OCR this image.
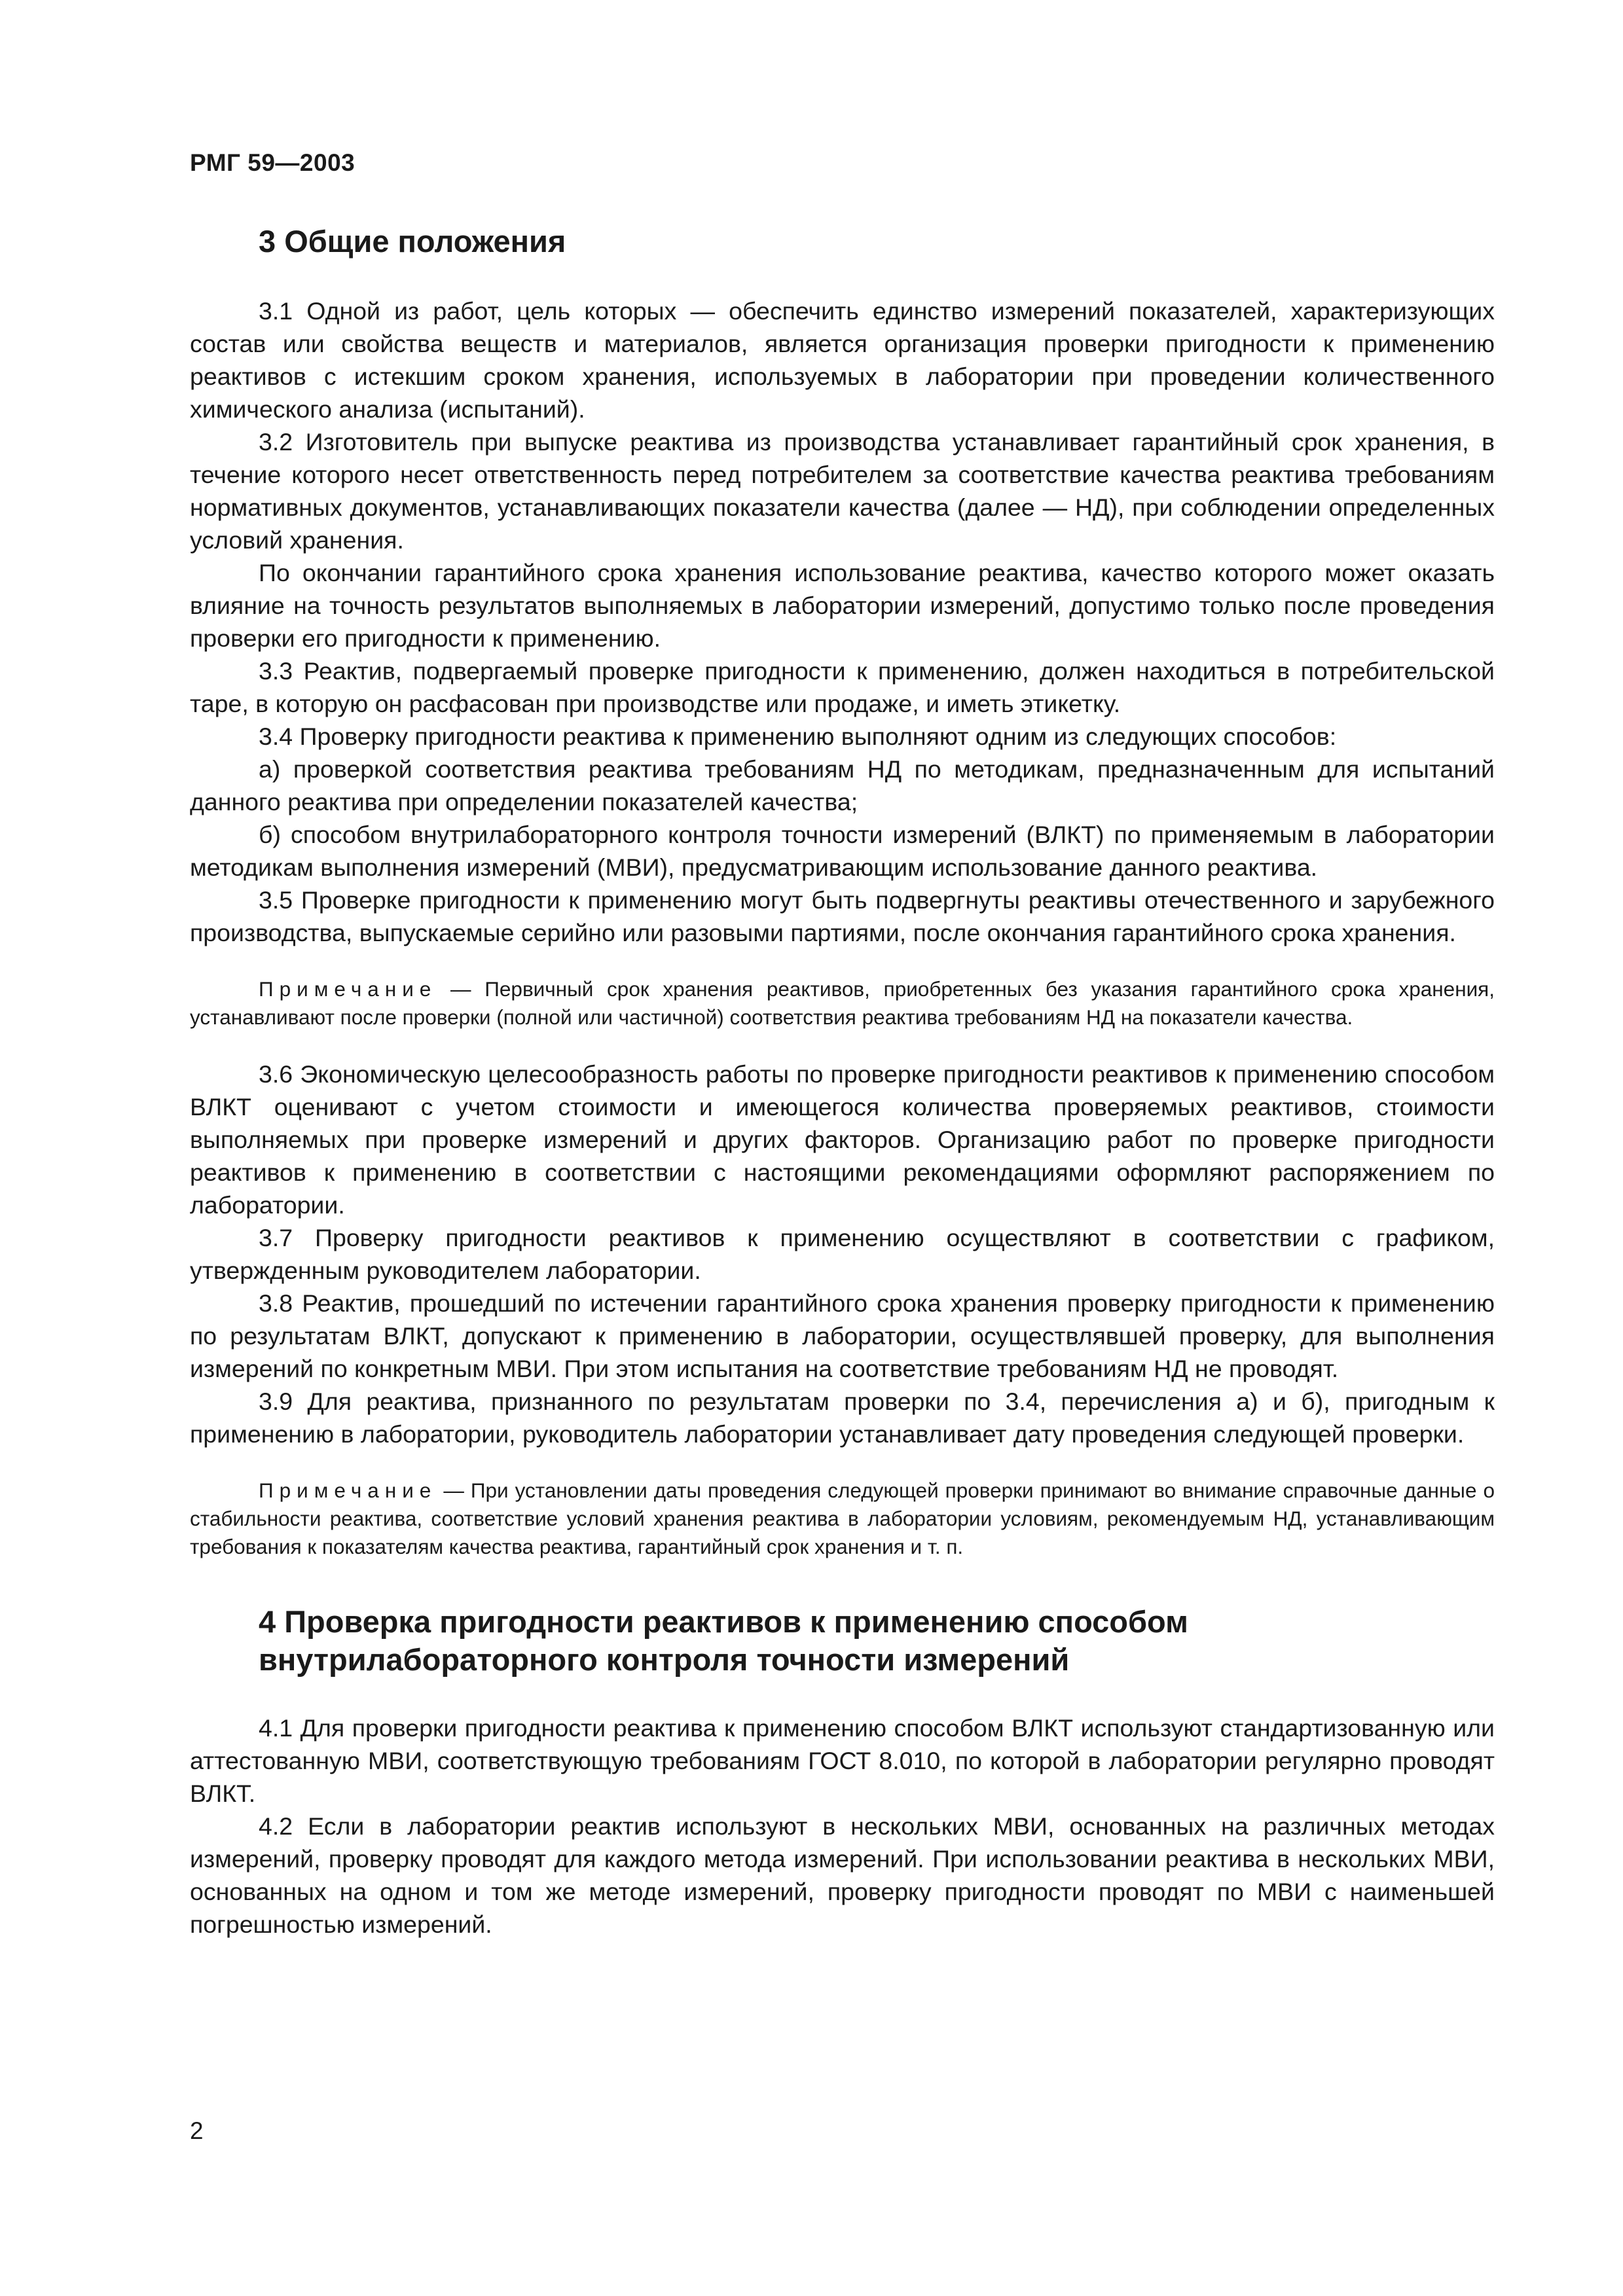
РМГ 59—2003
3 Общие положения

3.1 Одной из работ, цель которых — обеспечить единство измерений показателей, характеризующих состав или свойства веществ и материалов, является организация проверки пригодности к применению реактивов с истекшим сроком хранения, используемых в лаборатории при проведении количественного химического анализа (испытаний).

3.2 Изготовитель при выпуске реактива из производства устанавливает гарантийный срок хранения, в течение которого несет ответственность перед потребителем за соответствие качества реактива требованиям нормативных документов, устанавливающих показатели качества (далее — НД), при соблюдении определенных условий хранения.

По окончании гарантийного срока хранения использование реактива, качество которого может оказать влияние на точность результатов выполняемых в лаборатории измерений, допустимо только после проведения проверки его пригодности к применению.

3.3 Реактив, подвергаемый проверке пригодности к применению, должен находиться в потребительской таре, в которую он расфасован при производстве или продаже, и иметь этикетку.

3.4 Проверку пригодности реактива к применению выполняют одним из следующих способов:

а) проверкой соответствия реактива требованиям НД по методикам, предназначенным для испытаний данного реактива при определении показателей качества;

б) способом внутрилабораторного контроля точности измерений (ВЛКТ) по применяемым в лаборатории методикам выполнения измерений (МВИ), предусматривающим использование данного реактива.

3.5 Проверке пригодности к применению могут быть подвергнуты реактивы отечественного и зарубежного производства, выпускаемые серийно или разовыми партиями, после окончания гарантийного срока хранения.

Примечание — Первичный срок хранения реактивов, приобретенных без указания гарантийного срока хранения, устанавливают после проверки (полной или частичной) соответствия реактива требованиям НД на показатели качества.

3.6 Экономическую целесообразность работы по проверке пригодности реактивов к применению способом ВЛКТ оценивают с учетом стоимости и имеющегося количества проверяемых реактивов, стоимости выполняемых при проверке измерений и других факторов. Организацию работ по проверке пригодности реактивов к применению в соответствии с настоящими рекомендациями оформляют распоряжением по лаборатории.

3.7 Проверку пригодности реактивов к применению осуществляют в соответствии с графиком, утвержденным руководителем лаборатории.

3.8 Реактив, прошедший по истечении гарантийного срока хранения проверку пригодности к применению по результатам ВЛКТ, допускают к применению в лаборатории, осуществлявшей проверку, для выполнения измерений по конкретным МВИ. При этом испытания на соответствие требованиям НД не проводят.

3.9 Для реактива, признанного по результатам проверки по 3.4, перечисления а) и б), пригодным к применению в лаборатории, руководитель лаборатории устанавливает дату проведения следующей проверки.

Примечание — При установлении даты проведения следующей проверки принимают во внимание справочные данные о стабильности реактива, соответствие условий хранения реактива в лаборатории условиям, рекомендуемым НД, устанавливающим требования к показателям качества реактива, гарантийный срок хранения и т. п.

4 Проверка пригодности реактивов к применению способом
внутрилабораторного контроля точности измерений

4.1 Для проверки пригодности реактива к применению способом ВЛКТ используют стандартизованную или аттестованную МВИ, соответствующую требованиям ГОСТ 8.010, по которой в лаборатории регулярно проводят ВЛКТ.

4.2 Если в лаборатории реактив используют в нескольких МВИ, основанных на различных методах измерений, проверку проводят для каждого метода измерений. При использовании реактива в нескольких МВИ, основанных на одном и том же методе измерений, проверку пригодности проводят по МВИ с наименьшей погрешностью измерений.

2
